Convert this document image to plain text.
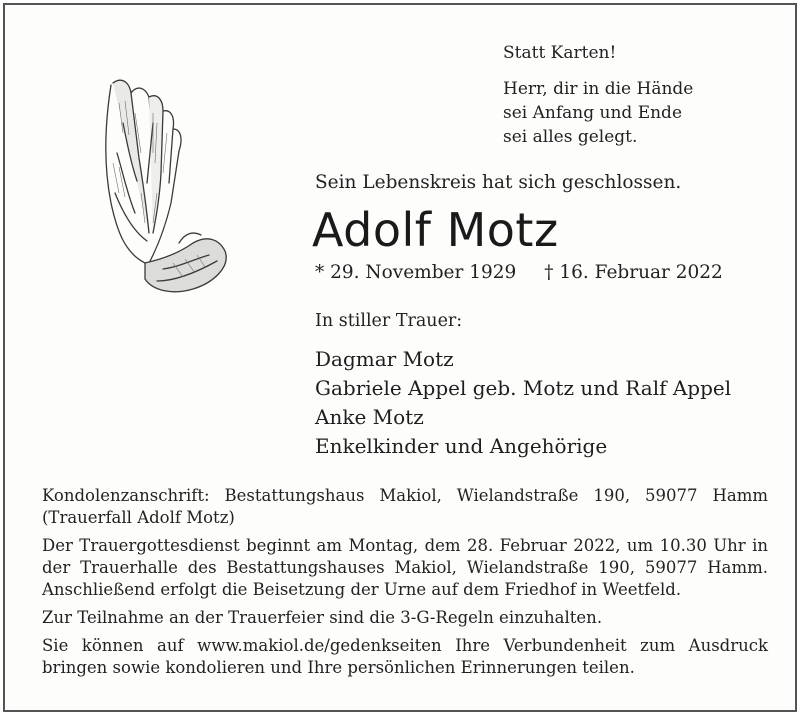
Statt Karten!
Herr, dir in die Hände
sei Anfang und Ende
sei alles gelegt.
Sein Lebenskreis hat sich geschlossen.
Adolf Motz
* 29. November 1929 † 16. Februar 2022
In stiller Trauer:
Dagmar Motz
Gabriele Appel geb. Motz und Ralf Appel
Anke Motz
Enkelkinder und Angehörige

Kondolenzanschrift: Bestattungshaus Makiol, Wielandstraße 190, 59077 Hamm
(Trauerfall Adolf Motz)

Der Trauergottesdienst beginnt am Montag, dem 28. Februar 2022, um 10.30 Uhr in
der Trauerhalle des Bestattungshauses Makiol, Wielandstraße 190, 59077 Hamm.
Anschließend erfolgt die Beisetzung der Urne auf dem Friedhof in Weetfeld.

Zur Teilnahme an der Trauerfeier sind die 3-G-Regeln einzuhalten.

Sie können auf www.makiol.de/gedenkseiten Ihre Verbundenheit zum Ausdruck
bringen sowie kondolieren und Ihre persönlichen Erinnerungen teilen.
